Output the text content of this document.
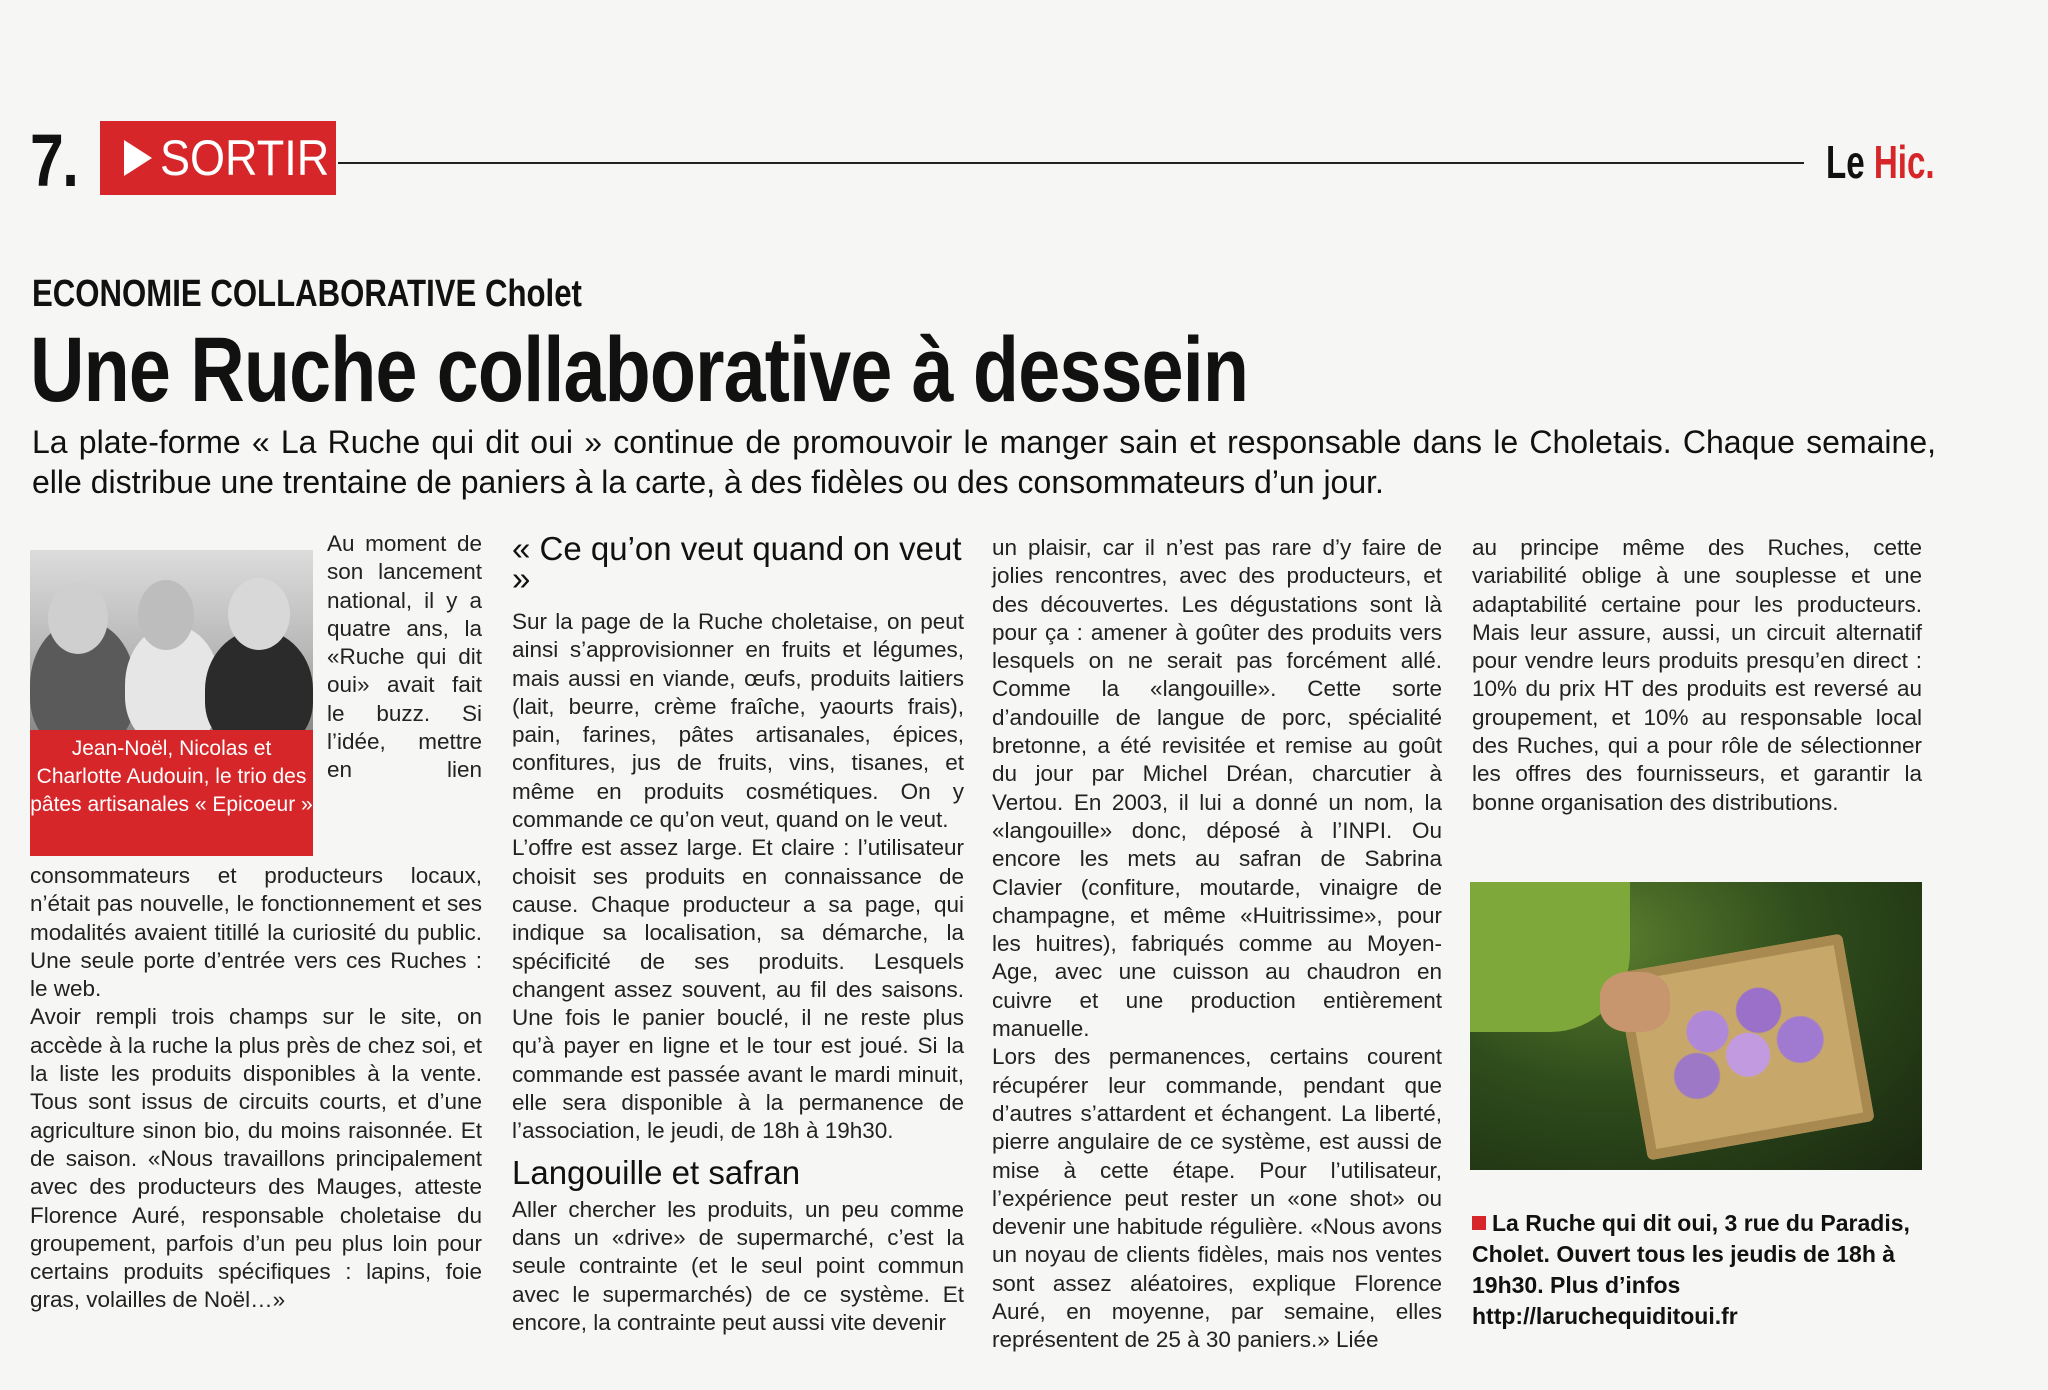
7. SORTIR	Le Hic.
ECONOMIE COLLABORATIVE Cholet
Une Ruche collaborative à dessein
La plate-forme « La Ruche qui dit oui » continue de promouvoir le manger sain et responsable dans le Choletais. Chaque semaine, elle distribue une trentaine de paniers à la carte, à des fidèles ou des consommateurs d’un jour.
Jean-Noël, Nicolas et Charlotte Audouin, le trio des pâtes artisanales « Epicoeur »

Au moment de son lancement national, il y a quatre ans, la «Ruche qui dit oui» avait fait le buzz. Si l’idée, mettre en lien consommateurs et producteurs locaux, n’était pas nouvelle, le fonctionnement et ses modalités avaient titillé la curiosité du public. Une seule porte d’entrée vers ces Ruches : le web.

Avoir rempli trois champs sur le site, on accède à la ruche la plus près de chez soi, et la liste les produits disponibles à la vente. Tous sont issus de circuits courts, et d’une agriculture sinon bio, du moins raisonnée. Et de saison. «Nous travaillons principalement avec des producteurs des Mauges, atteste Florence Auré, responsable choletaise du groupement, parfois d’un peu plus loin pour certains produits spécifiques : lapins, foie gras, volailles de Noël…»

« Ce qu’on veut quand on veut »

Sur la page de la Ruche choletaise, on peut ainsi s’approvisionner en fruits et légumes, mais aussi en viande, œufs, produits laitiers (lait, beurre, crème fraîche, yaourts frais), pain, farines, pâtes artisanales, épices, confitures, jus de fruits, vins, tisanes, et même en produits cosmétiques. On y commande ce qu’on veut, quand on le veut.

L’offre est assez large. Et claire : l’utilisateur choisit ses produits en connaissance de cause. Chaque producteur a sa page, qui indique sa localisation, sa démarche, la spécificité de ses produits. Lesquels changent assez souvent, au fil des saisons. Une fois le panier bouclé, il ne reste plus qu’à payer en ligne et le tour est joué. Si la commande est passée avant le mardi minuit, elle sera disponible à la permanence de l’association, le jeudi, de 18h à 19h30.

Langouille et safran

Aller chercher les produits, un peu comme dans un «drive» de supermarché, c’est la seule contrainte (et le seul point commun avec le supermarchés) de ce système. Et encore, la contrainte peut aussi vite devenir

un plaisir, car il n’est pas rare d’y faire de jolies rencontres, avec des producteurs, et des découvertes. Les dégustations sont là pour ça : amener à goûter des produits vers lesquels on ne serait pas forcément allé. Comme la «langouille». Cette sorte d’andouille de langue de porc, spécialité bretonne, a été revisitée et remise au goût du jour par Michel Dréan, charcutier à Vertou. En 2003, il lui a donné un nom, la «langouille» donc, déposé à l’INPI. Ou encore les mets au safran de Sabrina Clavier (confiture, moutarde, vinaigre de champagne, et même «Huitrissime», pour les huitres), fabriqués comme au Moyen-Age, avec une cuisson au chaudron en cuivre et une production entièrement manuelle.

Lors des permanences, certains courent récupérer leur commande, pendant que d’autres s’attardent et échangent. La liberté, pierre angulaire de ce système, est aussi de mise à cette étape. Pour l’utilisateur, l’expérience peut rester un «one shot» ou devenir une habitude régulière. «Nous avons un noyau de clients fidèles, mais nos ventes sont assez aléatoires, explique Florence Auré, en moyenne, par semaine, elles représentent de 25 à 30 paniers.» Liée

au principe même des Ruches, cette variabilité oblige à une souplesse et une adaptabilité certaine pour les producteurs. Mais leur assure, aussi, un circuit alternatif pour vendre leurs produits presqu’en direct : 10% du prix HT des produits est reversé au groupement, et 10% au responsable local des Ruches, qui a pour rôle de sélectionner les offres des fournisseurs, et garantir la bonne organisation des distributions.

La Ruche qui dit oui, 3 rue du Paradis, Cholet. Ouvert tous les jeudis de 18h à 19h30. Plus d’infos http://laruchequiditoui.fr
